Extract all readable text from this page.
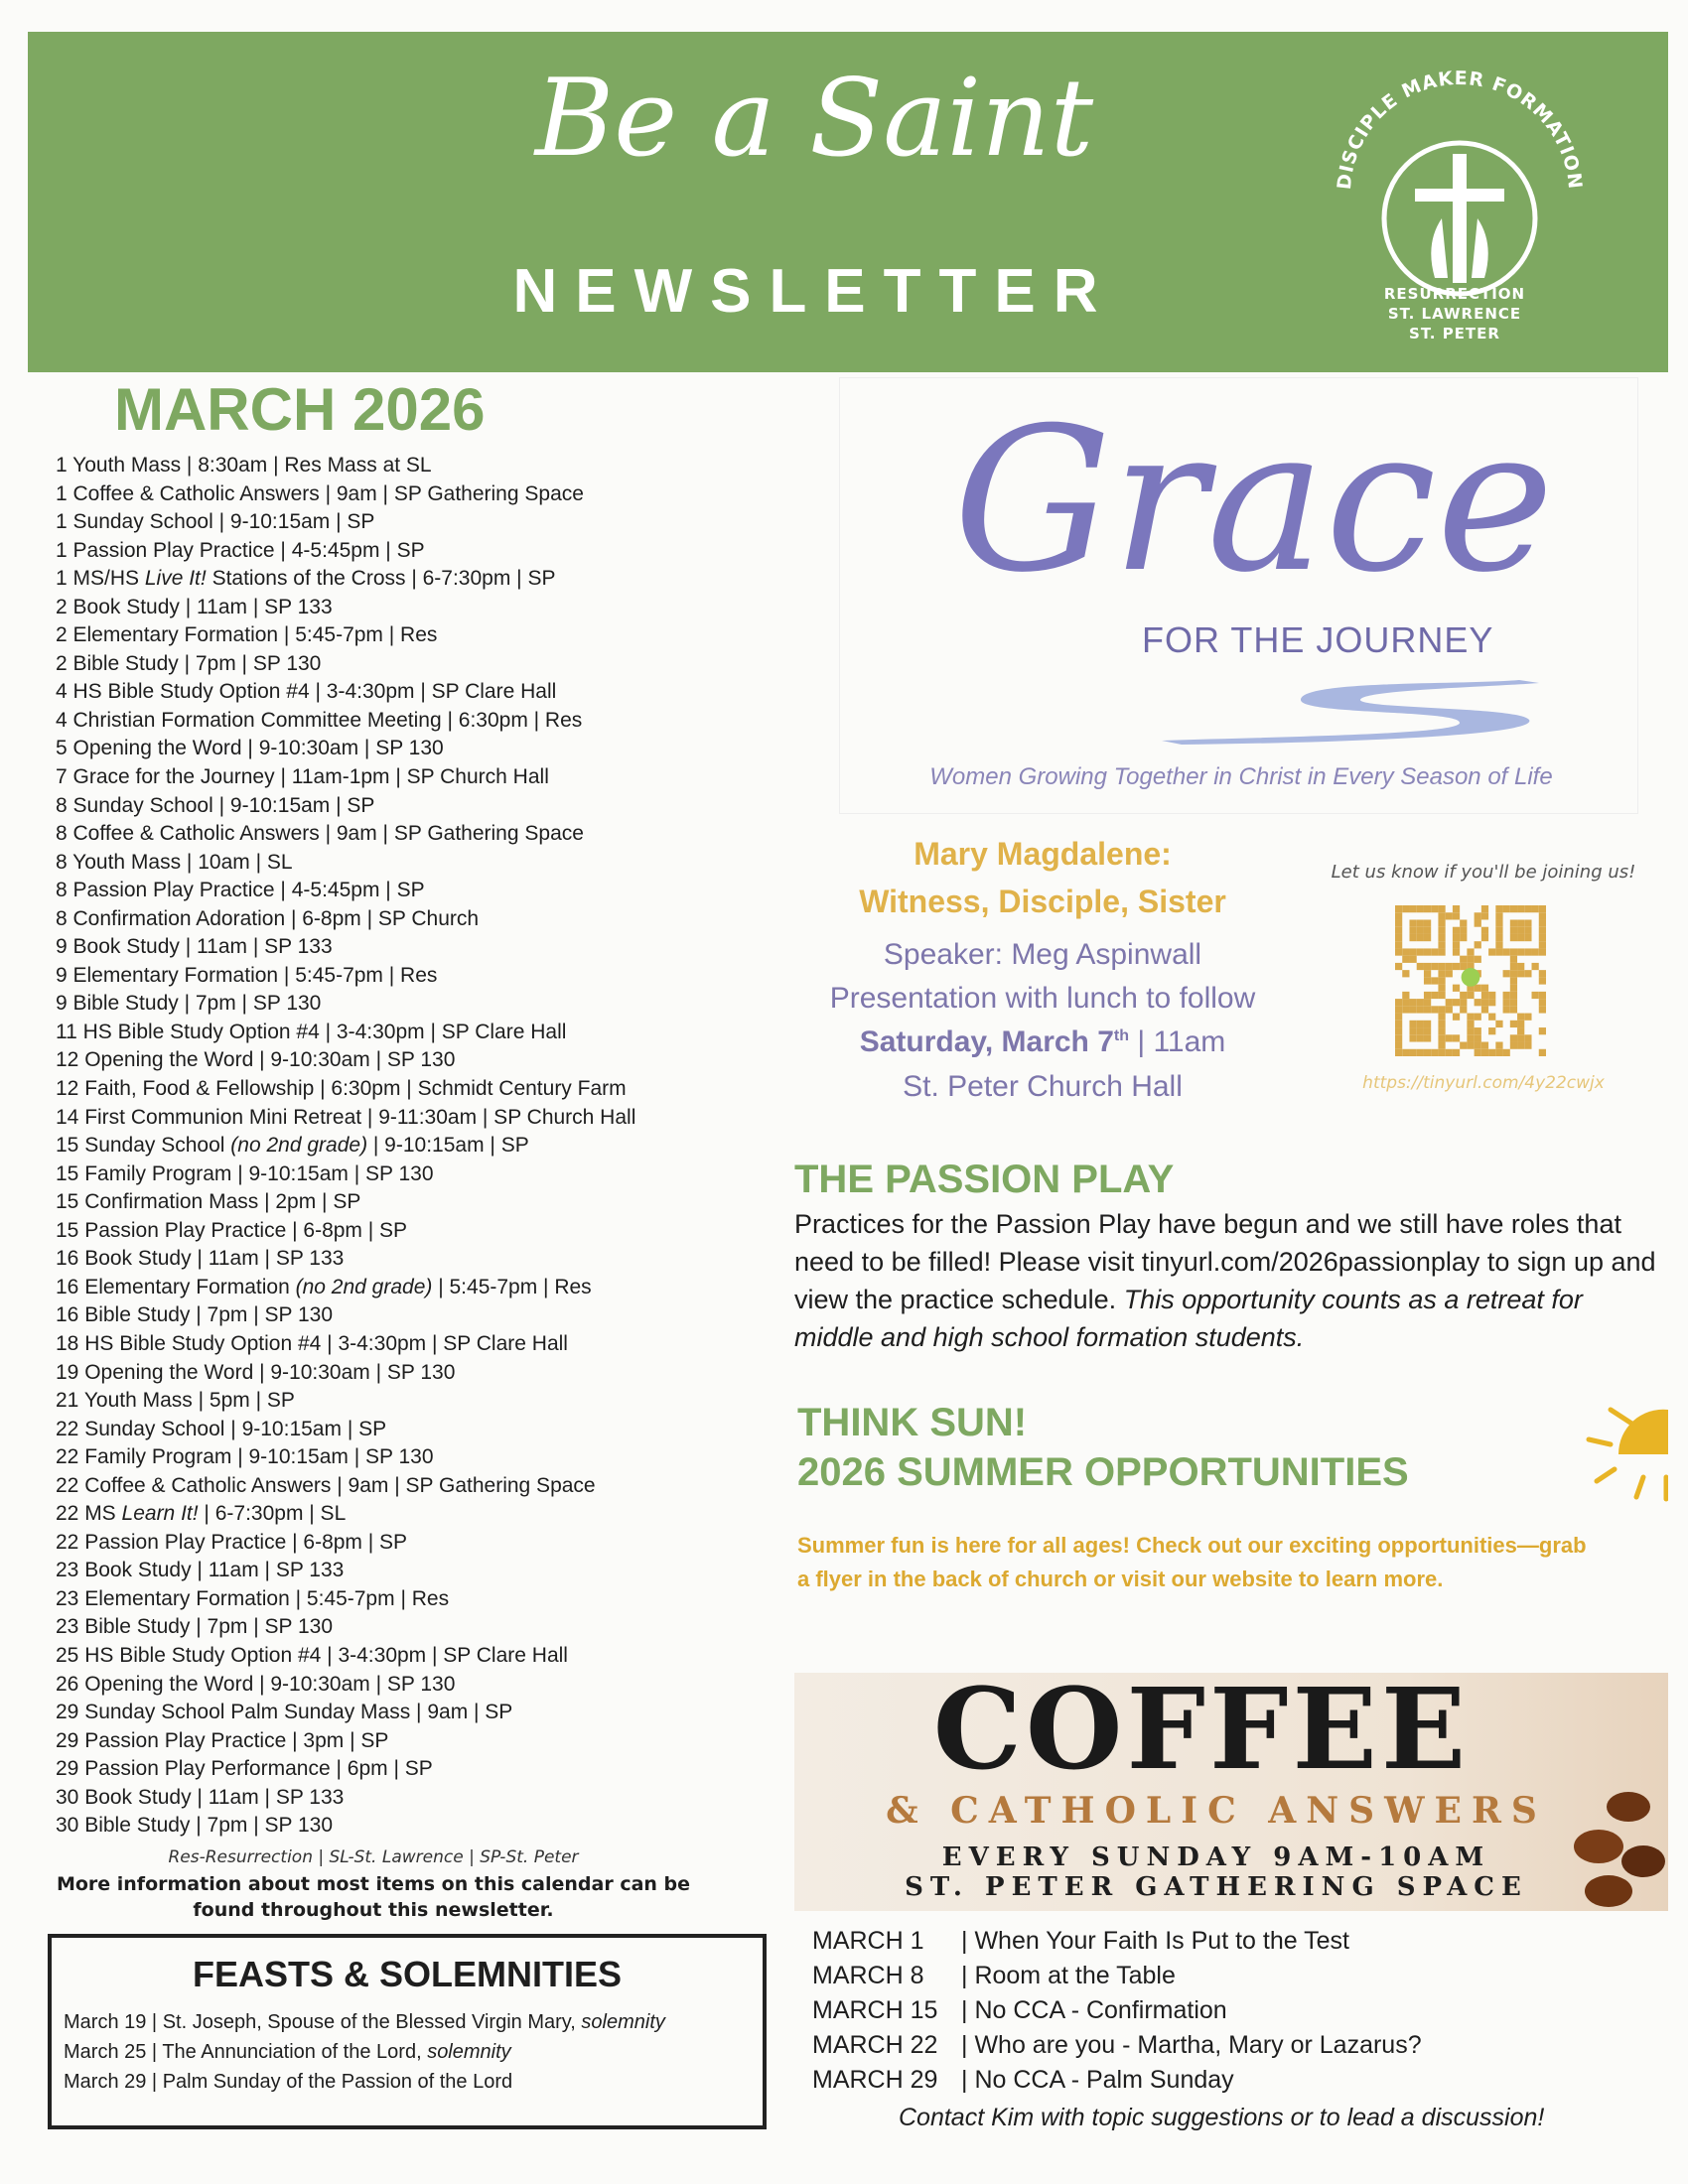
Be a Saint
NEWSLETTER
DISCIPLE MAKER FORMATION
RESURRECTION
ST. LAWRENCE
ST. PETER
MARCH 2026
1 Youth Mass | 8:30am | Res Mass at SL
1 Coffee & Catholic Answers | 9am | SP Gathering Space
1 Sunday School | 9-10:15am | SP
1 Passion Play Practice | 4-5:45pm | SP
1 MS/HS Live It! Stations of the Cross | 6-7:30pm | SP
2 Book Study | 11am | SP 133
2 Elementary Formation | 5:45-7pm | Res
2 Bible Study | 7pm | SP 130
4 HS Bible Study Option #4 | 3-4:30pm | SP Clare Hall
4 Christian Formation Committee Meeting | 6:30pm | Res
5 Opening the Word | 9-10:30am | SP 130
7 Grace for the Journey | 11am-1pm | SP Church Hall
8 Sunday School | 9-10:15am | SP
8 Coffee & Catholic Answers | 9am | SP Gathering Space
8 Youth Mass | 10am | SL
8 Passion Play Practice | 4-5:45pm | SP
8 Confirmation Adoration | 6-8pm | SP Church
9 Book Study | 11am | SP 133
9 Elementary Formation | 5:45-7pm | Res
9 Bible Study | 7pm | SP 130
11 HS Bible Study Option #4 | 3-4:30pm | SP Clare Hall
12 Opening the Word | 9-10:30am | SP 130
12 Faith, Food & Fellowship | 6:30pm | Schmidt Century Farm
14 First Communion Mini Retreat | 9-11:30am | SP Church Hall
15 Sunday School (no 2nd grade) | 9-10:15am | SP
15 Family Program | 9-10:15am | SP 130
15 Confirmation Mass | 2pm | SP
15 Passion Play Practice | 6-8pm | SP
16 Book Study | 11am | SP 133
16 Elementary Formation (no 2nd grade) | 5:45-7pm | Res
16 Bible Study | 7pm | SP 130
18 HS Bible Study Option #4 | 3-4:30pm | SP Clare Hall
19 Opening the Word | 9-10:30am | SP 130
21 Youth Mass | 5pm | SP
22 Sunday School | 9-10:15am | SP
22 Family Program | 9-10:15am | SP 130
22 Coffee & Catholic Answers | 9am | SP Gathering Space
22 MS Learn It! | 6-7:30pm | SL
22 Passion Play Practice | 6-8pm | SP
23 Book Study | 11am | SP 133
23 Elementary Formation | 5:45-7pm | Res
23 Bible Study | 7pm | SP 130
25 HS Bible Study Option #4 | 3-4:30pm | SP Clare Hall
26 Opening the Word | 9-10:30am | SP 130
29 Sunday School Palm Sunday Mass | 9am | SP
29 Passion Play Practice | 3pm | SP
29 Passion Play Performance | 6pm | SP
30 Book Study | 11am | SP 133
30 Bible Study | 7pm | SP 130
Res-Resurrection | SL-St. Lawrence | SP-St. Peter
More information about most items on this calendar can be found throughout this newsletter.
FEASTS & SOLEMNITIES
March 19 | St. Joseph, Spouse of the Blessed Virgin Mary, solemnity
March 25 | The Annunciation of the Lord, solemnity
March 29 | Palm Sunday of the Passion of the Lord
Grace
FOR THE JOURNEY
Women Growing Together in Christ in Every Season of Life
Mary Magdalene:
Witness, Disciple, Sister
Speaker: Meg Aspinwall
Presentation with lunch to follow
Saturday, March 7th | 11am
St. Peter Church Hall
Let us know if you'll be joining us!
https://tinyurl.com/4y22cwjx
THE PASSION PLAY
Practices for the Passion Play have begun and we still have roles that need to be filled! Please visit tinyurl.com/2026passionplay to sign up and view the practice schedule. This opportunity counts as a retreat for middle and high school formation students.
THINK SUN!
2026 SUMMER OPPORTUNITIES
Summer fun is here for all ages! Check out our exciting opportunities—grab a flyer in the back of church or visit our website to learn more.
COFFEE
& CATHOLIC ANSWERS
EVERY SUNDAY 9AM-10AM
ST. PETER GATHERING SPACE
MARCH 1 | When Your Faith Is Put to the Test
MARCH 8 | Room at the Table
MARCH 15 | No CCA - Confirmation
MARCH 22 | Who are you - Martha, Mary or Lazarus?
MARCH 29 | No CCA - Palm Sunday
Contact Kim with topic suggestions or to lead a discussion!
